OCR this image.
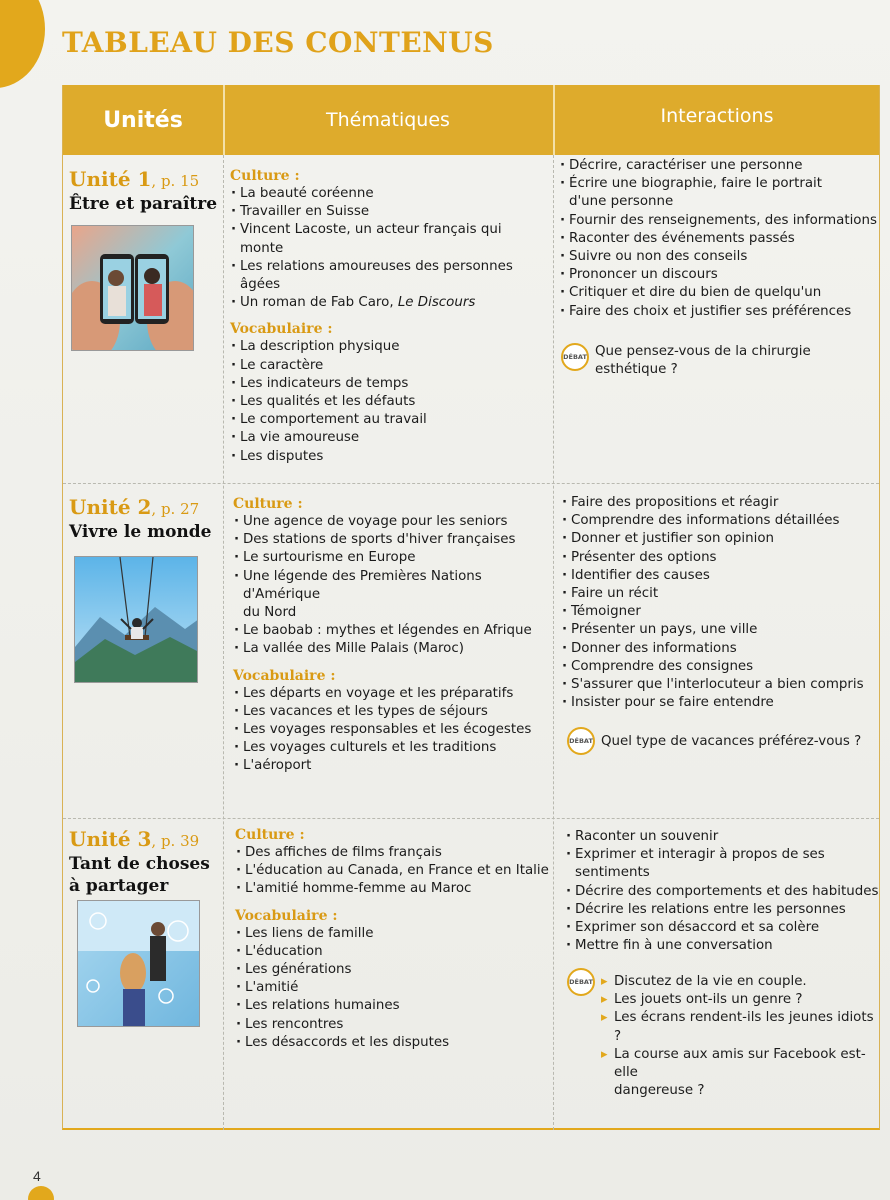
TABLEAU DES CONTENUS
Unités	Thématiques	Interactions
Unité 1, p. 15
Être et paraître
Culture :
· La beauté coréenne
· Travailler en Suisse
· Vincent Lacoste, un acteur français qui monte
· Les relations amoureuses des personnes âgées
· Un roman de Fab Caro, Le Discours
Vocabulaire :
· La description physique
· Le caractère
· Les indicateurs de temps
· Les qualités et les défauts
· Le comportement au travail
· La vie amoureuse
· Les disputes
· Décrire, caractériser une personne
· Écrire une biographie, faire le portrait
d'une personne
· Fournir des renseignements, des informations
· Raconter des événements passés
· Suivre ou non des conseils
· Prononcer un discours
· Critiquer et dire du bien de quelqu'un
· Faire des choix et justifier ses préférences
DÉBAT Que pensez-vous de la chirurgie
esthétique ?
Unité 2, p. 27
Vivre le monde
Culture :
· Une agence de voyage pour les seniors
· Des stations de sports d'hiver françaises
· Le surtourisme en Europe
· Une légende des Premières Nations d'Amérique
du Nord
· Le baobab : mythes et légendes en Afrique
· La vallée des Mille Palais (Maroc)
Vocabulaire :
· Les départs en voyage et les préparatifs
· Les vacances et les types de séjours
· Les voyages responsables et les écogestes
· Les voyages culturels et les traditions
· L'aéroport
· Faire des propositions et réagir
· Comprendre des informations détaillées
· Donner et justifier son opinion
· Présenter des options
· Identifier des causes
· Faire un récit
· Témoigner
· Présenter un pays, une ville
· Donner des informations
· Comprendre des consignes
· S'assurer que l'interlocuteur a bien compris
· Insister pour se faire entendre
DÉBAT Quel type de vacances préférez-vous ?
Unité 3, p. 39
Tant de choses
à partager
Culture :
· Des affiches de films français
· L'éducation au Canada, en France et en Italie
· L'amitié homme-femme au Maroc
Vocabulaire :
· Les liens de famille
· L'éducation
· Les générations
· L'amitié
· Les relations humaines
· Les rencontres
· Les désaccords et les disputes
· Raconter un souvenir
· Exprimer et interagir à propos de ses
sentiments
· Décrire des comportements et des habitudes
· Décrire les relations entre les personnes
· Exprimer son désaccord et sa colère
· Mettre fin à une conversation
DÉBAT
▸	Discutez de la vie en couple.
▸ Les jouets ont-ils un genre ?
▸ Les écrans rendent-ils les jeunes idiots ?
▸ La course aux amis sur Facebook est-elle
dangereuse ?
4
